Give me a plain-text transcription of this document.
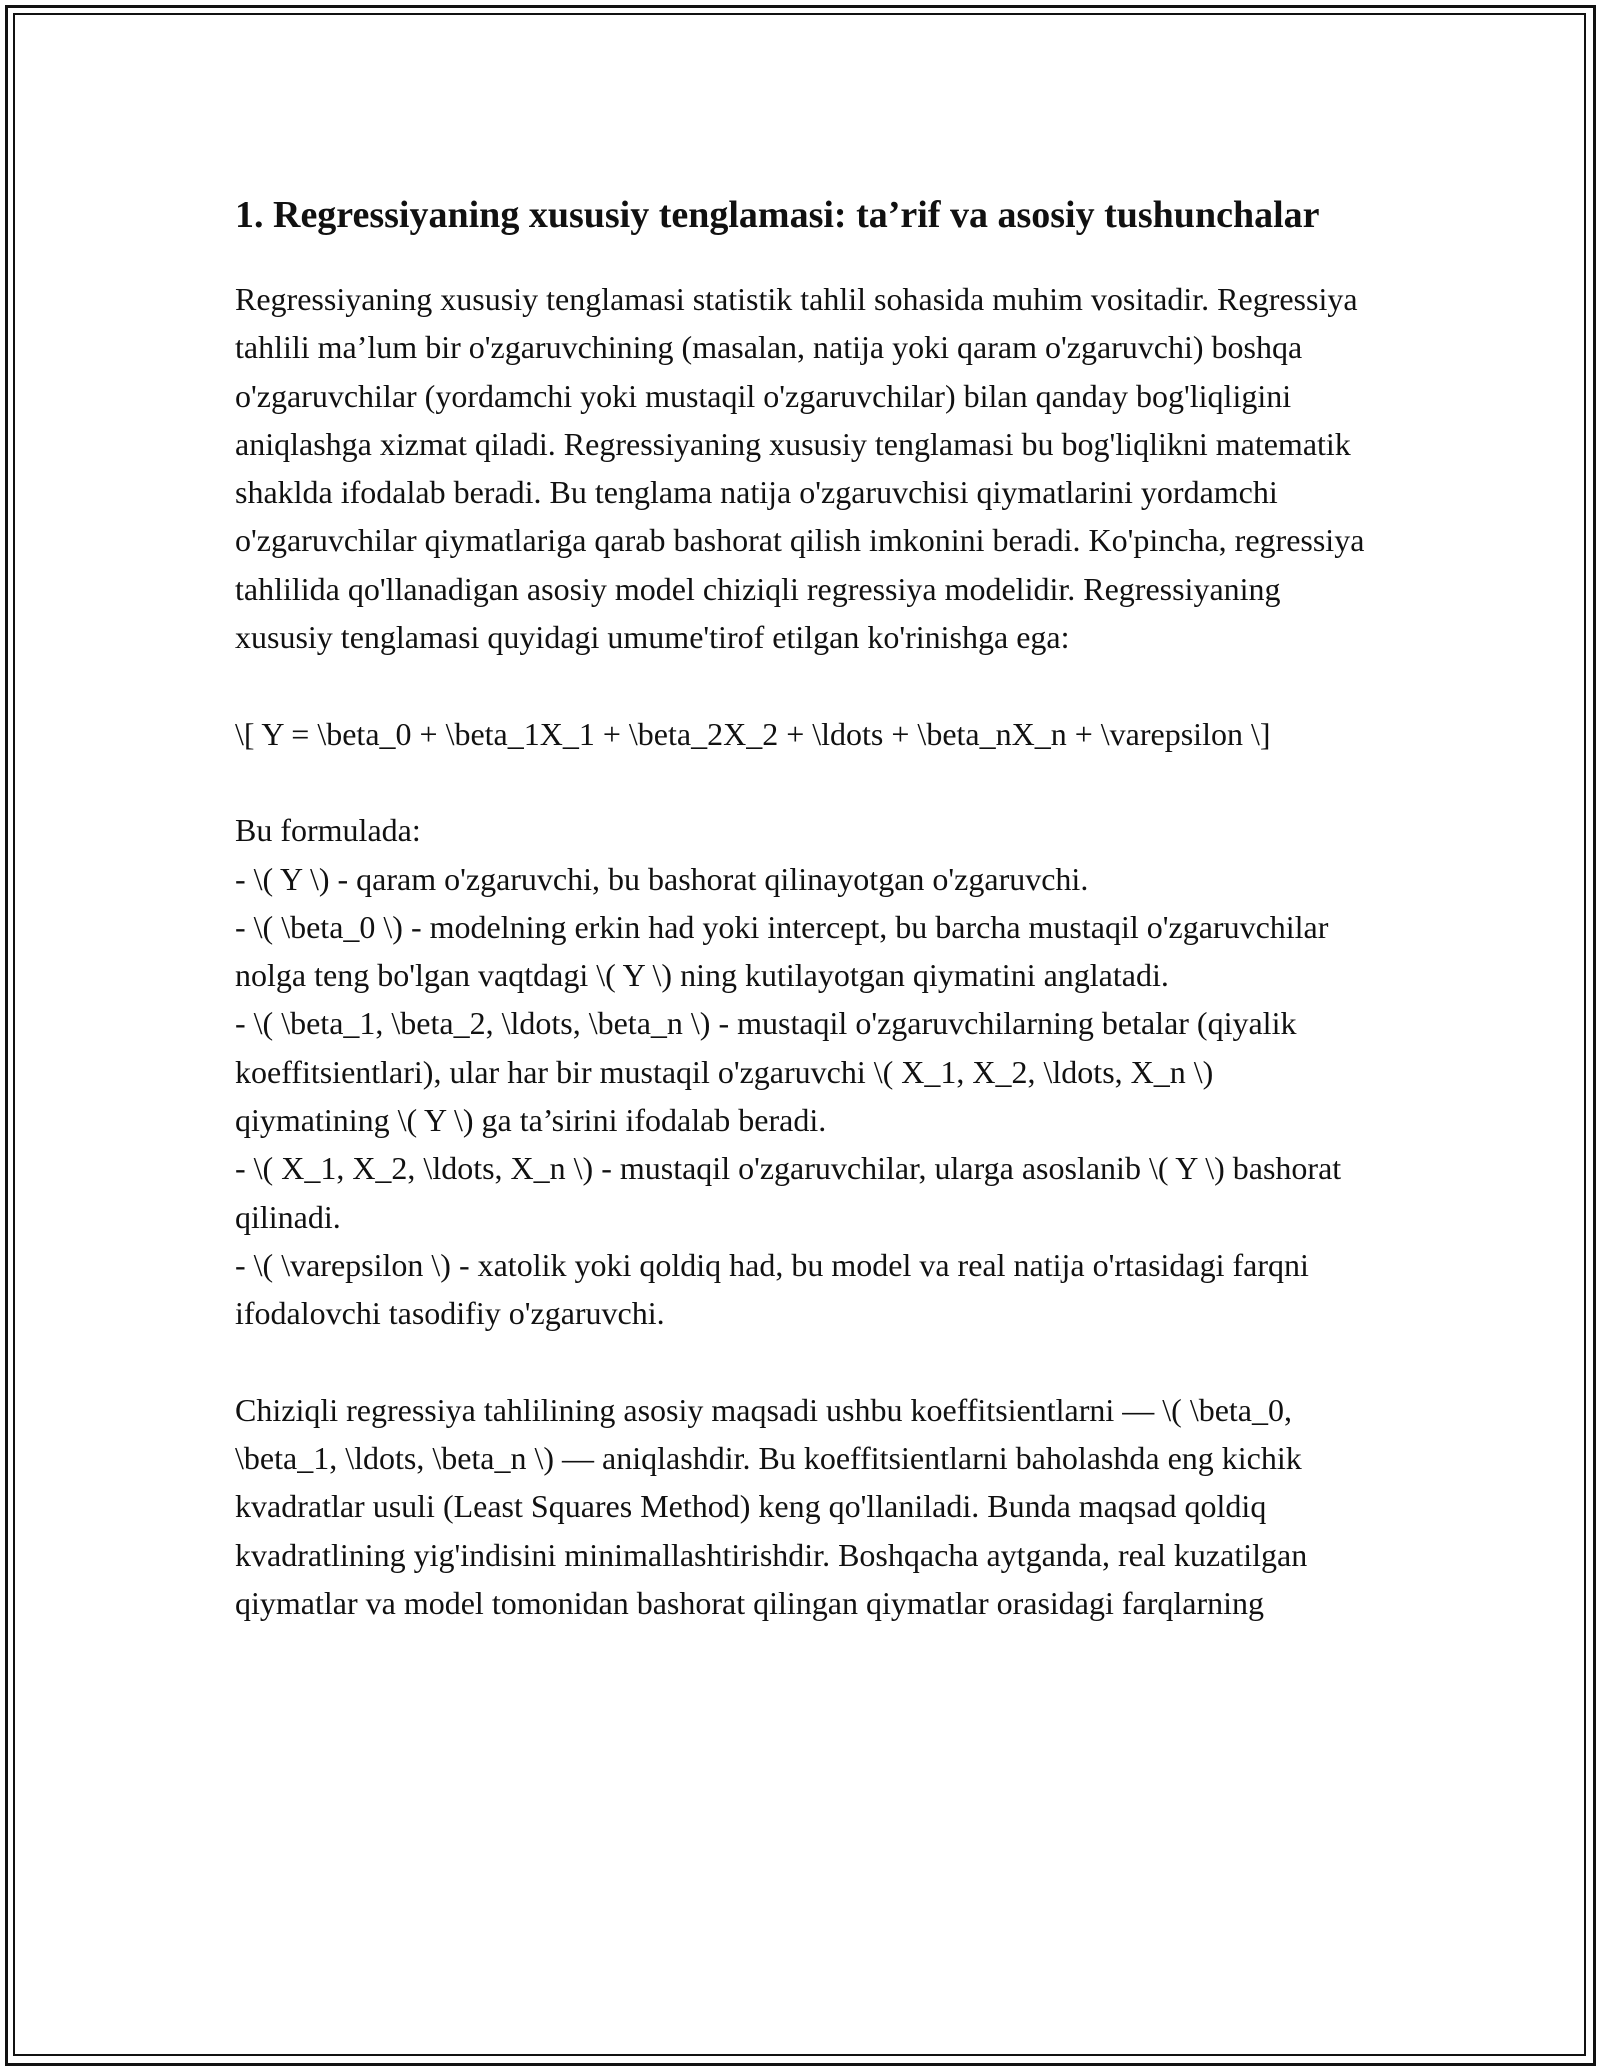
1. Regressiyaning xususiy tenglamasi: ta’rif va asosiy tushunchalar

Regressiyaning xususiy tenglamasi statistik tahlil sohasida muhim vositadir. Regressiya tahlili ma’lum bir o'zgaruvchining (masalan, natija yoki qaram o'zgaruvchi) boshqa o'zgaruvchilar (yordamchi yoki mustaqil o'zgaruvchilar) bilan qanday bog'liqligini aniqlashga xizmat qiladi. Regressiyaning xususiy tenglamasi bu bog'liqlikni matematik shaklda ifodalab beradi. Bu tenglama natija o'zgaruvchisi qiymatlarini yordamchi o'zgaruvchilar qiymatlariga qarab bashorat qilish imkonini beradi. Ko'pincha, regressiya tahlilida qo'llanadigan asosiy model chiziqli regressiya modelidir. Regressiyaning xususiy tenglamasi quyidagi umume'tirof etilgan ko'rinishga ega:

\[ Y = \beta_0 + \beta_1X_1 + \beta_2X_2 + \ldots + \beta_nX_n + \varepsilon \]

Bu formulada:

- \( Y \) - qaram o'zgaruvchi, bu bashorat qilinayotgan o'zgaruvchi.

- \( \beta_0 \) - modelning erkin had yoki intercept, bu barcha mustaqil o'zgaruvchilar nolga teng bo'lgan vaqtdagi \( Y \) ning kutilayotgan qiymatini anglatadi.

- \( \beta_1, \beta_2, \ldots, \beta_n \) - mustaqil o'zgaruvchilarning betalar (qiyalik koeffitsientlari), ular har bir mustaqil o'zgaruvchi \( X_1, X_2, \ldots, X_n \) qiymatining \( Y \) ga ta’sirini ifodalab beradi.

- \( X_1, X_2, \ldots, X_n \) - mustaqil o'zgaruvchilar, ularga asoslanib \( Y \) bashorat qilinadi.

- \( \varepsilon \) - xatolik yoki qoldiq had, bu model va real natija o'rtasidagi farqni ifodalovchi tasodifiy o'zgaruvchi.

Chiziqli regressiya tahlilining asosiy maqsadi ushbu koeffitsientlarni — \( \beta_0, \beta_1, \ldots, \beta_n \) — aniqlashdir. Bu koeffitsientlarni baholashda eng kichik kvadratlar usuli (Least Squares Method) keng qo'llaniladi. Bunda maqsad qoldiq kvadratlining yig'indisini minimallashtirishdir. Boshqacha aytganda, real kuzatilgan qiymatlar va model tomonidan bashorat qilingan qiymatlar orasidagi farqlarning
